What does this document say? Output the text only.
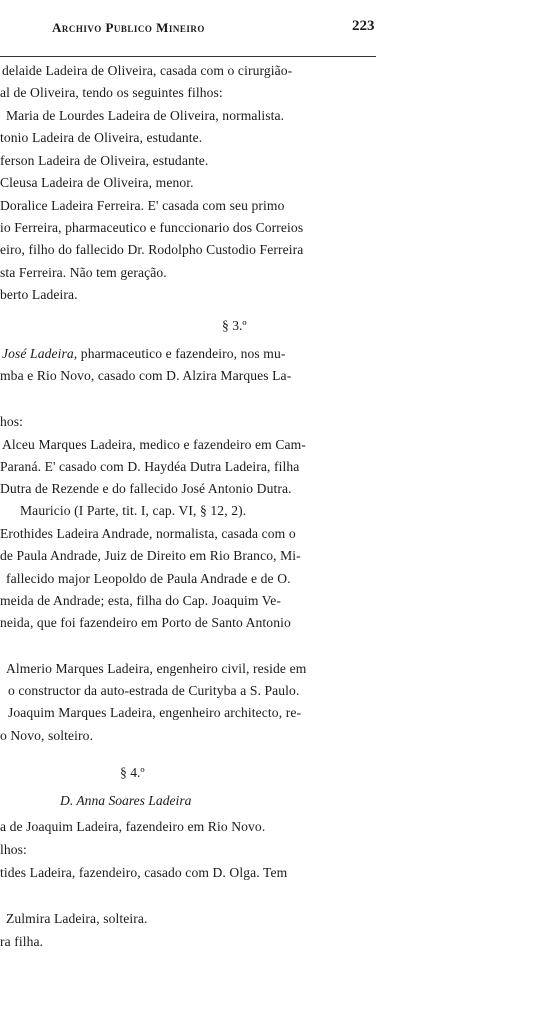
Archivo Publico Mineiro	223
delaide Ladeira de Oliveira, casada com o cirurgião-
al de Oliveira, tendo os seguintes filhos:
Maria de Lourdes Ladeira de Oliveira, normalista.
tonio Ladeira de Oliveira, estudante.
ferson Ladeira de Oliveira, estudante.
Cleusa Ladeira de Oliveira, menor.
Doralice Ladeira Ferreira. E' casada com seu primo
io Ferreira, pharmaceutico e funccionario dos Correios
eiro, filho do fallecido Dr. Rodolpho Custodio Ferreira
sta Ferreira. Não tem geração.
berto Ladeira.
§ 3.º
José Ladeira, pharmaceutico e fazendeiro, nos mu-
mba e Rio Novo, casado com D. Alzira Marques La-
hos:
Alceu Marques Ladeira, medico e fazendeiro em Cam-
Paraná. E' casado com D. Haydéa Dutra Ladeira, filha
Dutra de Rezende e do fallecido José Antonio Dutra.
Mauricio (I Parte, tit. I, cap. VI, § 12, 2).
Erothides Ladeira Andrade, normalista, casada com o
de Paula Andrade, Juiz de Direito em Rio Branco, Mi-
fallecido major Leopoldo de Paula Andrade e de O.
meida de Andrade; esta, filha do Cap. Joaquim Ve-
neida, que foi fazendeiro em Porto de Santo Antonio
Almerio Marques Ladeira, engenheiro civil, reside em
o constructor da auto-estrada de Curityba a S. Paulo.
Joaquim Marques Ladeira, engenheiro architecto, re-
o Novo, solteiro.
§ 4.º
D. Anna Soares Ladeira
a de Joaquim Ladeira, fazendeiro em Rio Novo.
lhos:
tides Ladeira, fazendeiro, casado com D. Olga. Tem
Zulmira Ladeira, solteira.
ra filha.
